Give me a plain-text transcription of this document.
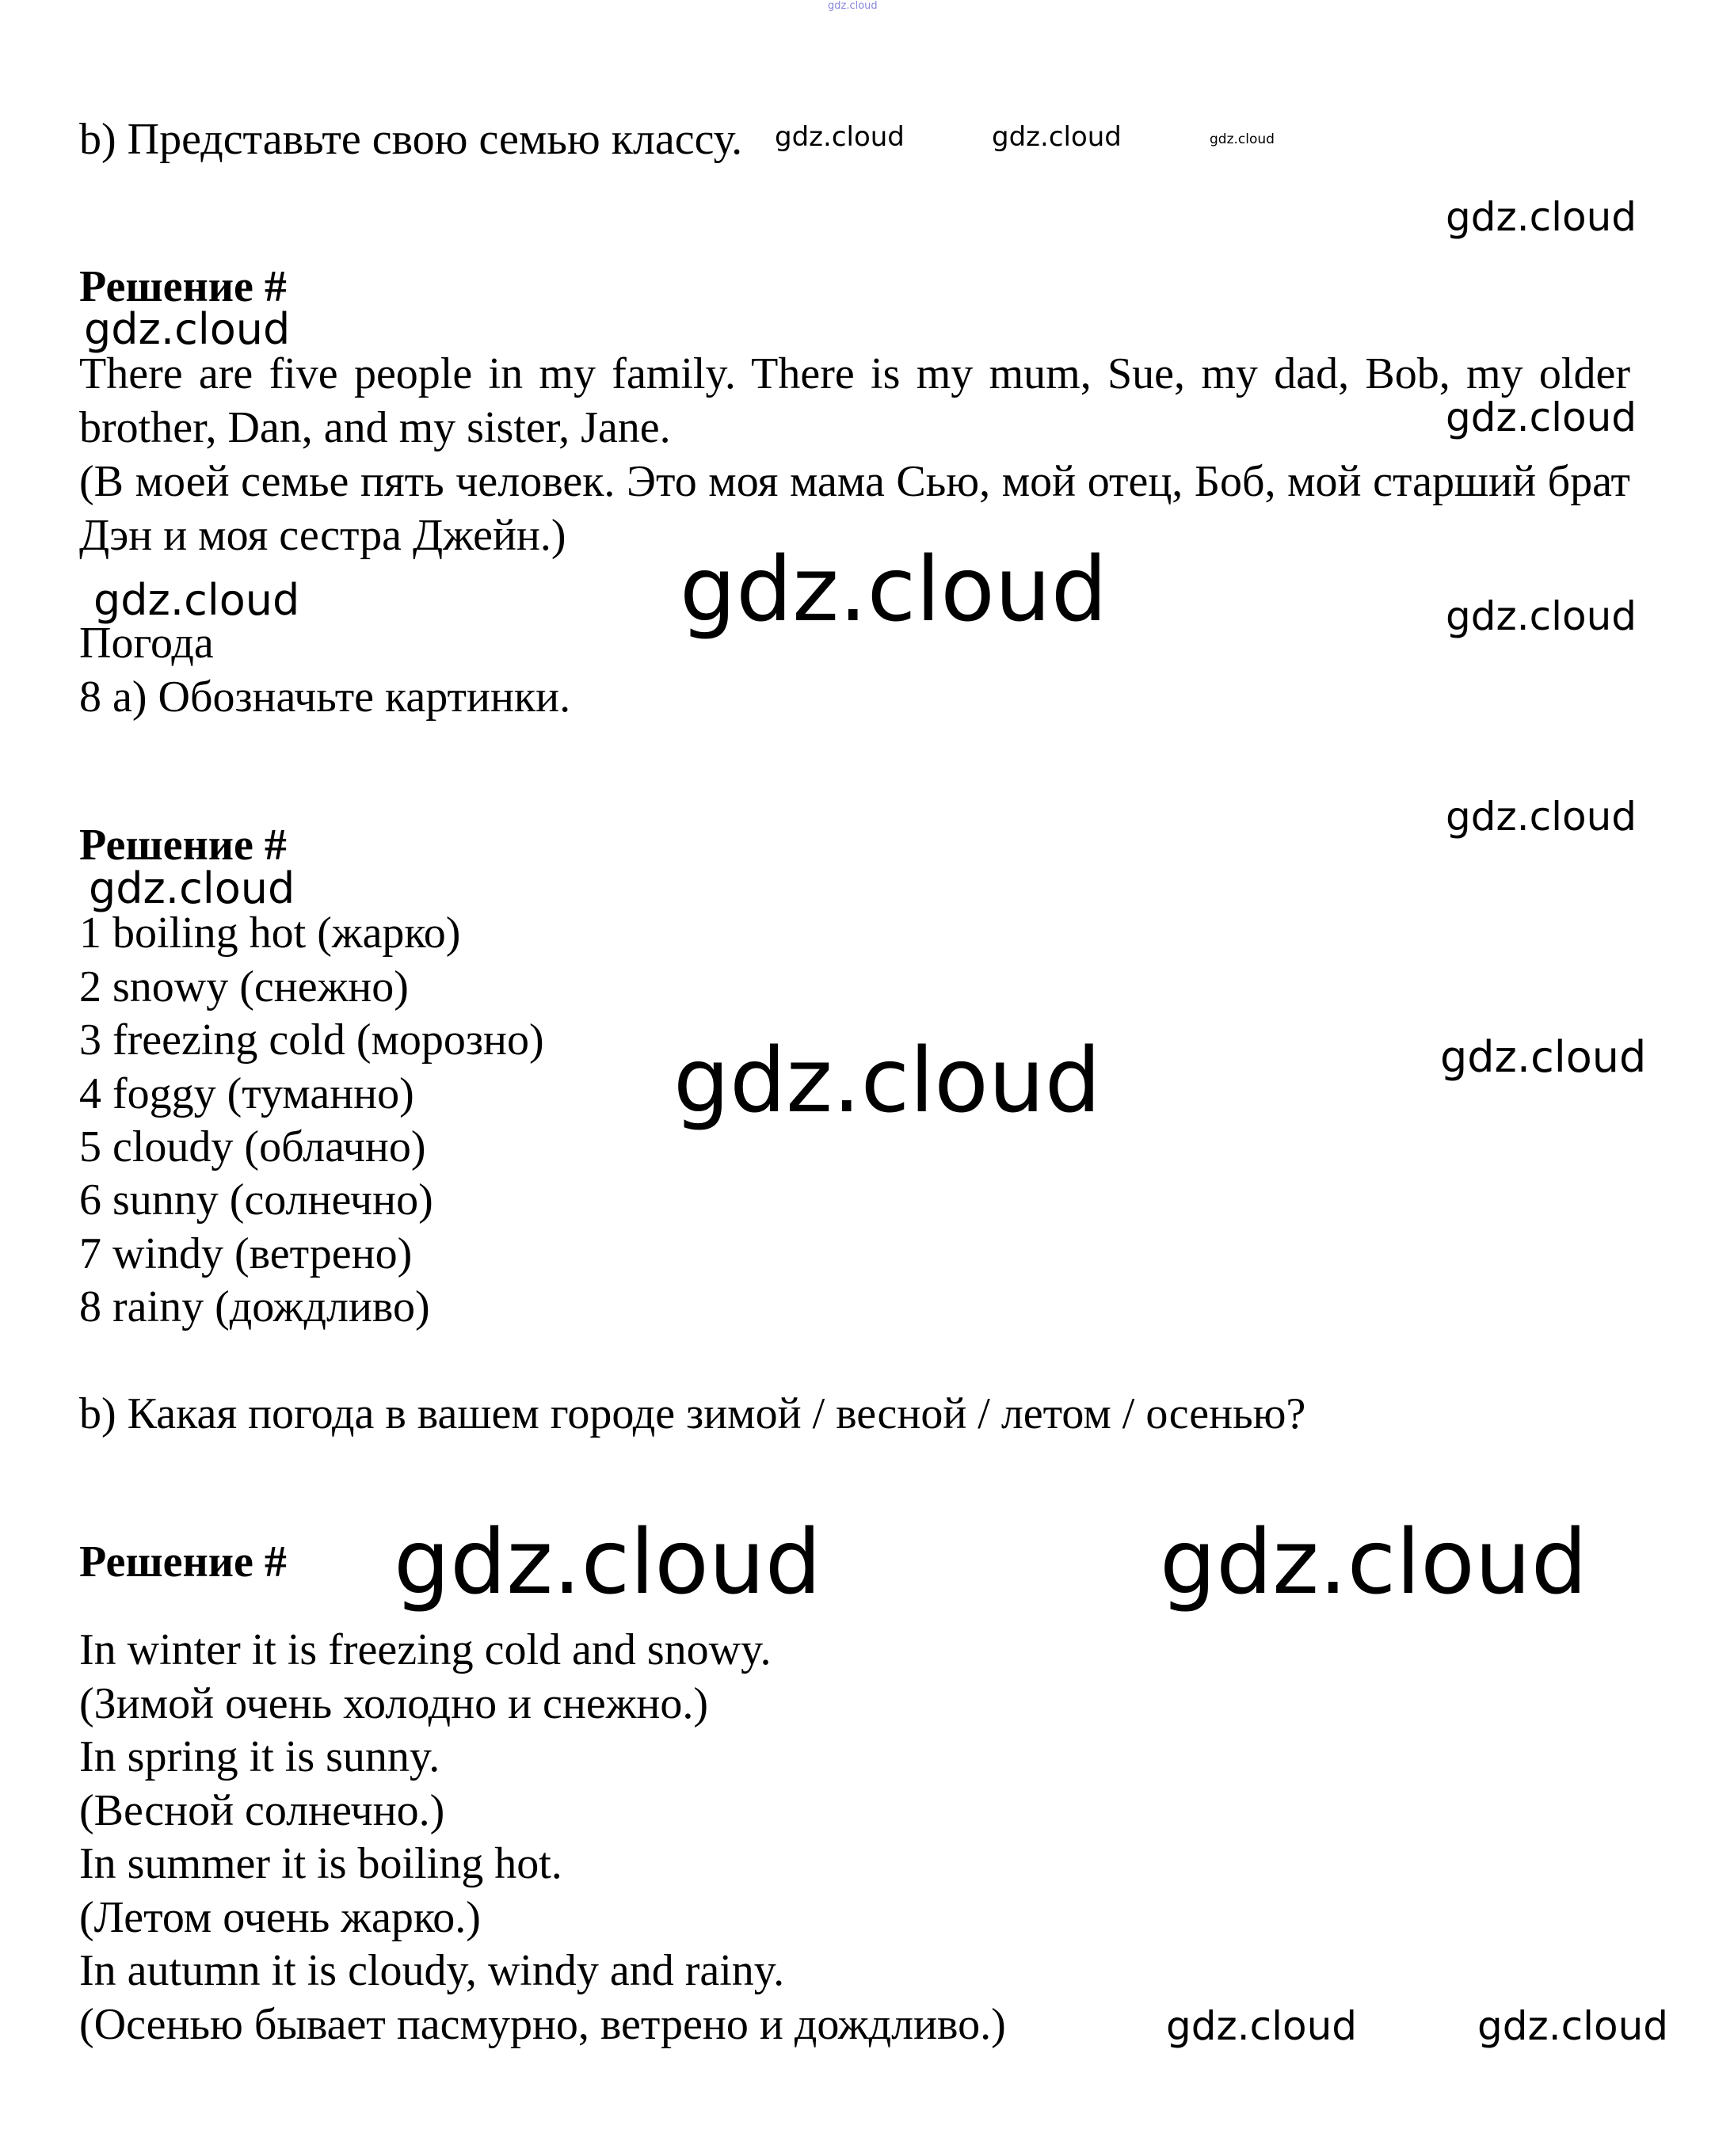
b) Представьте свою семью классу.
Решение #
There are five people in my family. There is my mum, Sue, my dad, Bob, my older brother, Dan, and my sister, Jane.
(В моей семье пять человек. Это моя мама Сью, мой отец, Боб, мой старший брат Дэн и моя сестра Джейн.)
Погода
8 a) Обозначьте картинки.
Решение #
1 boiling hot (жарко)
2 snowy (снежно)
3 freezing cold (морозно)
4 foggy (туманно)
5 cloudy (облачно)
6 sunny (солнечно)
7 windy (ветрено)
8 rainy (дождливо)
b) Какая погода в вашем городе зимой / весной / летом / осенью?
Решение #
In winter it is freezing cold and snowy.
(Зимой очень холодно и снежно.)
In spring it is sunny.
(Весной солнечно.)
In summer it is boiling hot.
(Летом очень жарко.)
In autumn it is cloudy, windy and rainy.
(Осенью бывает пасмурно, ветрено и дождливо.)
gdz.cloud
gdz.cloud	gdz.cloud	gdz.cloud
gdz.cloud
gdz.cloud
gdz.cloud
gdz.cloud	gdz.cloud	gdz.cloud
gdz.cloud
gdz.cloud
gdz.cloud	gdz.cloud
gdz.cloud	gdz.cloud
gdz.cloud	gdz.cloud
